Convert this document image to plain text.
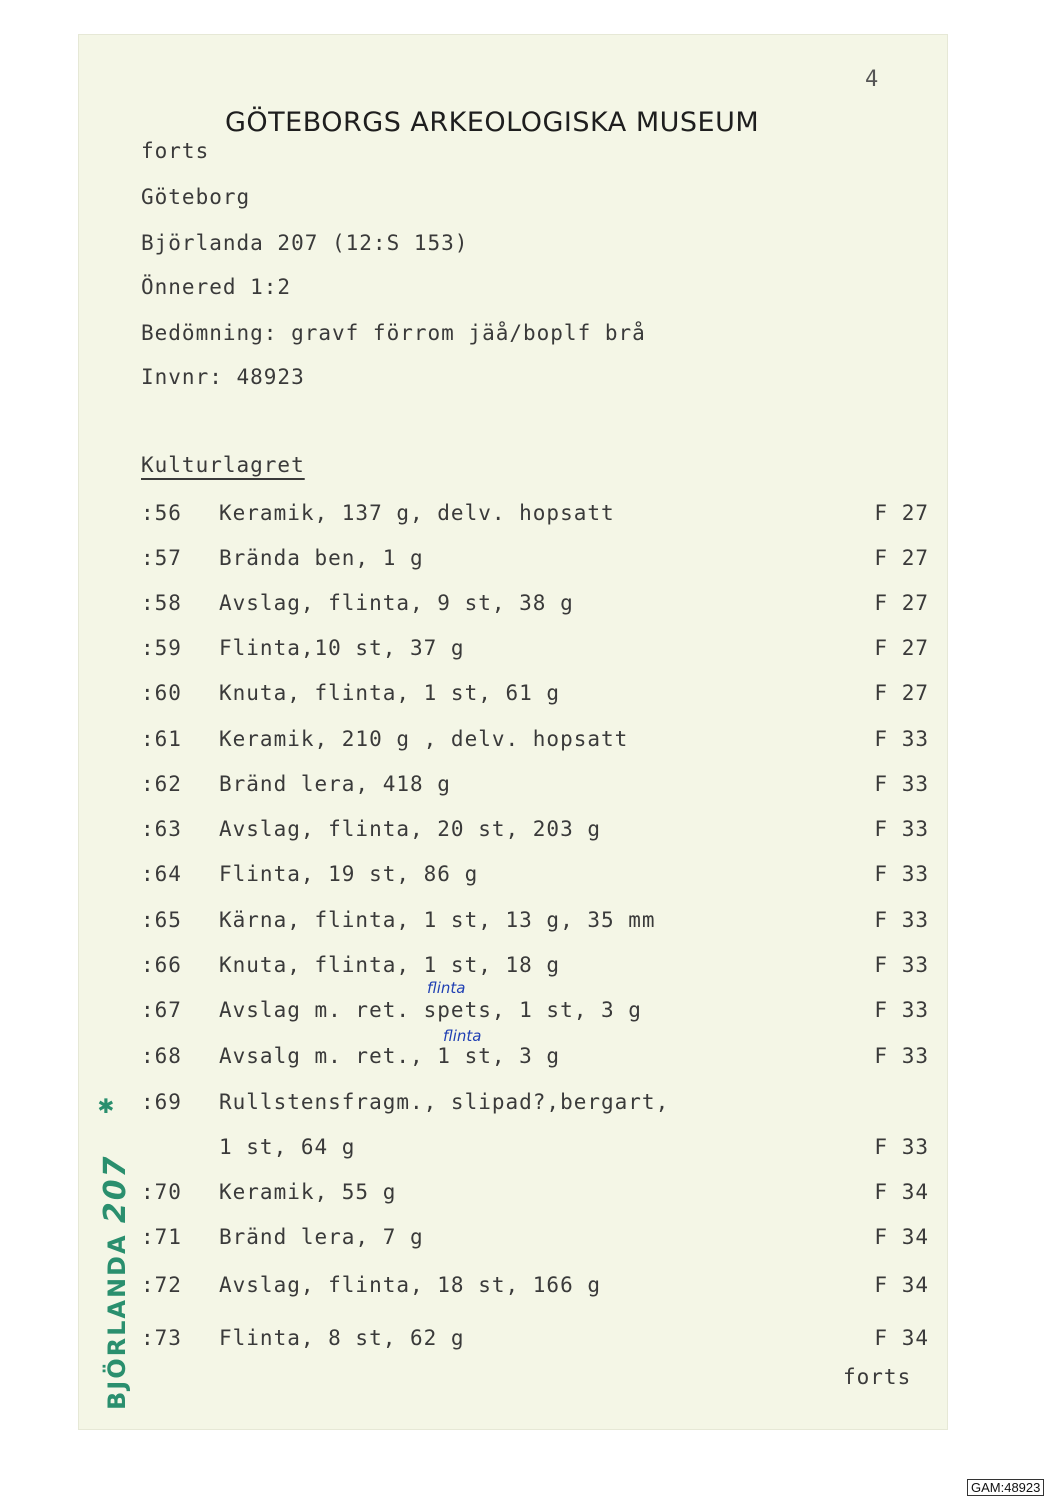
4
GÖTEBORGS ARKEOLOGISKA MUSEUM
forts
Göteborg
Björlanda 207 (12:S 153)
Önnered 1:2
Bedömning: gravf förrom jäå/boplf brå
Invnr: 48923
Kulturlagret
:56 Keramik, 137 g, delv. hopsatt	F 27
:57 Brända ben, 1 g	F 27
:58 Avslag, flinta, 9 st, 38 g	F 27
:59 Flinta,10 st, 37 g	F 27
:60 Knuta, flinta, 1 st, 61 g	F 27
:61 Keramik, 210 g , delv. hopsatt	F 33
:62 Bränd lera, 418 g	F 33
:63 Avslag, flinta, 20 st, 203 g	F 33
:64 Flinta, 19 st, 86 g	F 33
:65 Kärna, flinta, 1 st, 13 g, 35 mm	F 33
:66 Knuta, flinta, 1 st, 18 g	F 33
flinta
:67 Avslag m. ret. spets, 1 st, 3 g	F 33
flinta
:68 Avsalg m. ret., 1 st, 3 g	F 33
:69 Rullstensfragm., slipad?,bergart,
1 st, 64 g	F 33
:70 Keramik, 55 g	F 34
:71 Bränd lera, 7 g	F 34
:72 Avslag, flinta, 18 st, 166 g	F 34
:73 Flinta, 8 st, 62 g	F 34
forts
✱
BJÖRLANDA 207
GAM:48923
